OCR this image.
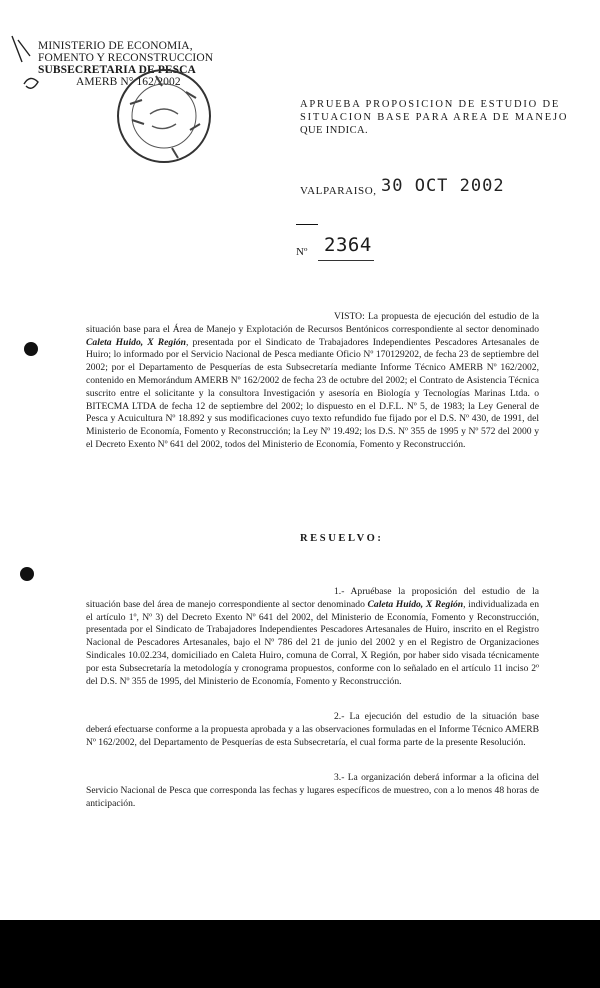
MINISTERIO DE ECONOMIA,
FOMENTO Y RECONSTRUCCION
SUBSECRETARIA DE PESCA
AMERB N° 162/2002
APRUEBA PROPOSICION DE ESTUDIO DE
SITUACION BASE PARA AREA DE MANEJO
QUE INDICA.
VALPARAISO, 30 OCT 2002
Nº 2364
VISTO: La propuesta de ejecución del estudio de la situación base para el Área de Manejo y Explotación de Recursos Bentónicos correspondiente al sector denominado Caleta Huido, X Región, presentada por el Sindicato de Trabajadores Independientes Pescadores Artesanales de Huiro; lo informado por el Servicio Nacional de Pesca mediante Oficio Nº 170129202, de fecha 23 de septiembre del 2002; por el Departamento de Pesquerías de esta Subsecretaría mediante Informe Técnico AMERB Nº 162/2002, contenido en Memorándum AMERB Nº 162/2002 de fecha 23 de octubre del 2002; el Contrato de Asistencia Técnica suscrito entre el solicitante y la consultora Investigación y asesoría en Biología y Tecnologías Marinas Ltda. o BITECMA LTDA de fecha 12 de septiembre del 2002; lo dispuesto en el D.F.L. Nº 5, de 1983; la Ley General de Pesca y Acuicultura Nº 18.892 y sus modificaciones cuyo texto refundido fue fijado por el D.S. Nº 430, de 1991, del Ministerio de Economía, Fomento y Reconstrucción; la Ley Nº 19.492; los D.S. Nº 355 de 1995 y Nº 572 del 2000 y el Decreto Exento Nº 641 del 2002, todos del Ministerio de Economía, Fomento y Reconstrucción.
RESUELVO:
1.- Apruébase la proposición del estudio de la situación base del área de manejo correspondiente al sector denominado Caleta Huido, X Región, individualizada en el artículo 1º, Nº 3) del Decreto Exento Nº 641 del 2002, del Ministerio de Economía, Fomento y Reconstrucción, presentada por el Sindicato de Trabajadores Independientes Pescadores Artesanales de Huiro, inscrito en el Registro Nacional de Pescadores Artesanales, bajo el Nº 786 del 21 de junio del 2002 y en el Registro de Organizaciones Sindicales 10.02.234, domiciliado en Caleta Huiro, comuna de Corral, X Región, por haber sido visada técnicamente por esta Subsecretaría la metodología y cronograma propuestos, conforme con lo señalado en el artículo 11 inciso 2º del D.S. Nº 355 de 1995, del Ministerio de Economía, Fomento y Reconstrucción.
2.- La ejecución del estudio de la situación base deberá efectuarse conforme a la propuesta aprobada y a las observaciones formuladas en el Informe Técnico AMERB Nº 162/2002, del Departamento de Pesquerías de esta Subsecretaría, el cual forma parte de la presente Resolución.
3.- La organización deberá informar a la oficina del Servicio Nacional de Pesca que corresponda las fechas y lugares específicos de muestreo, con a lo menos 48 horas de anticipación.
